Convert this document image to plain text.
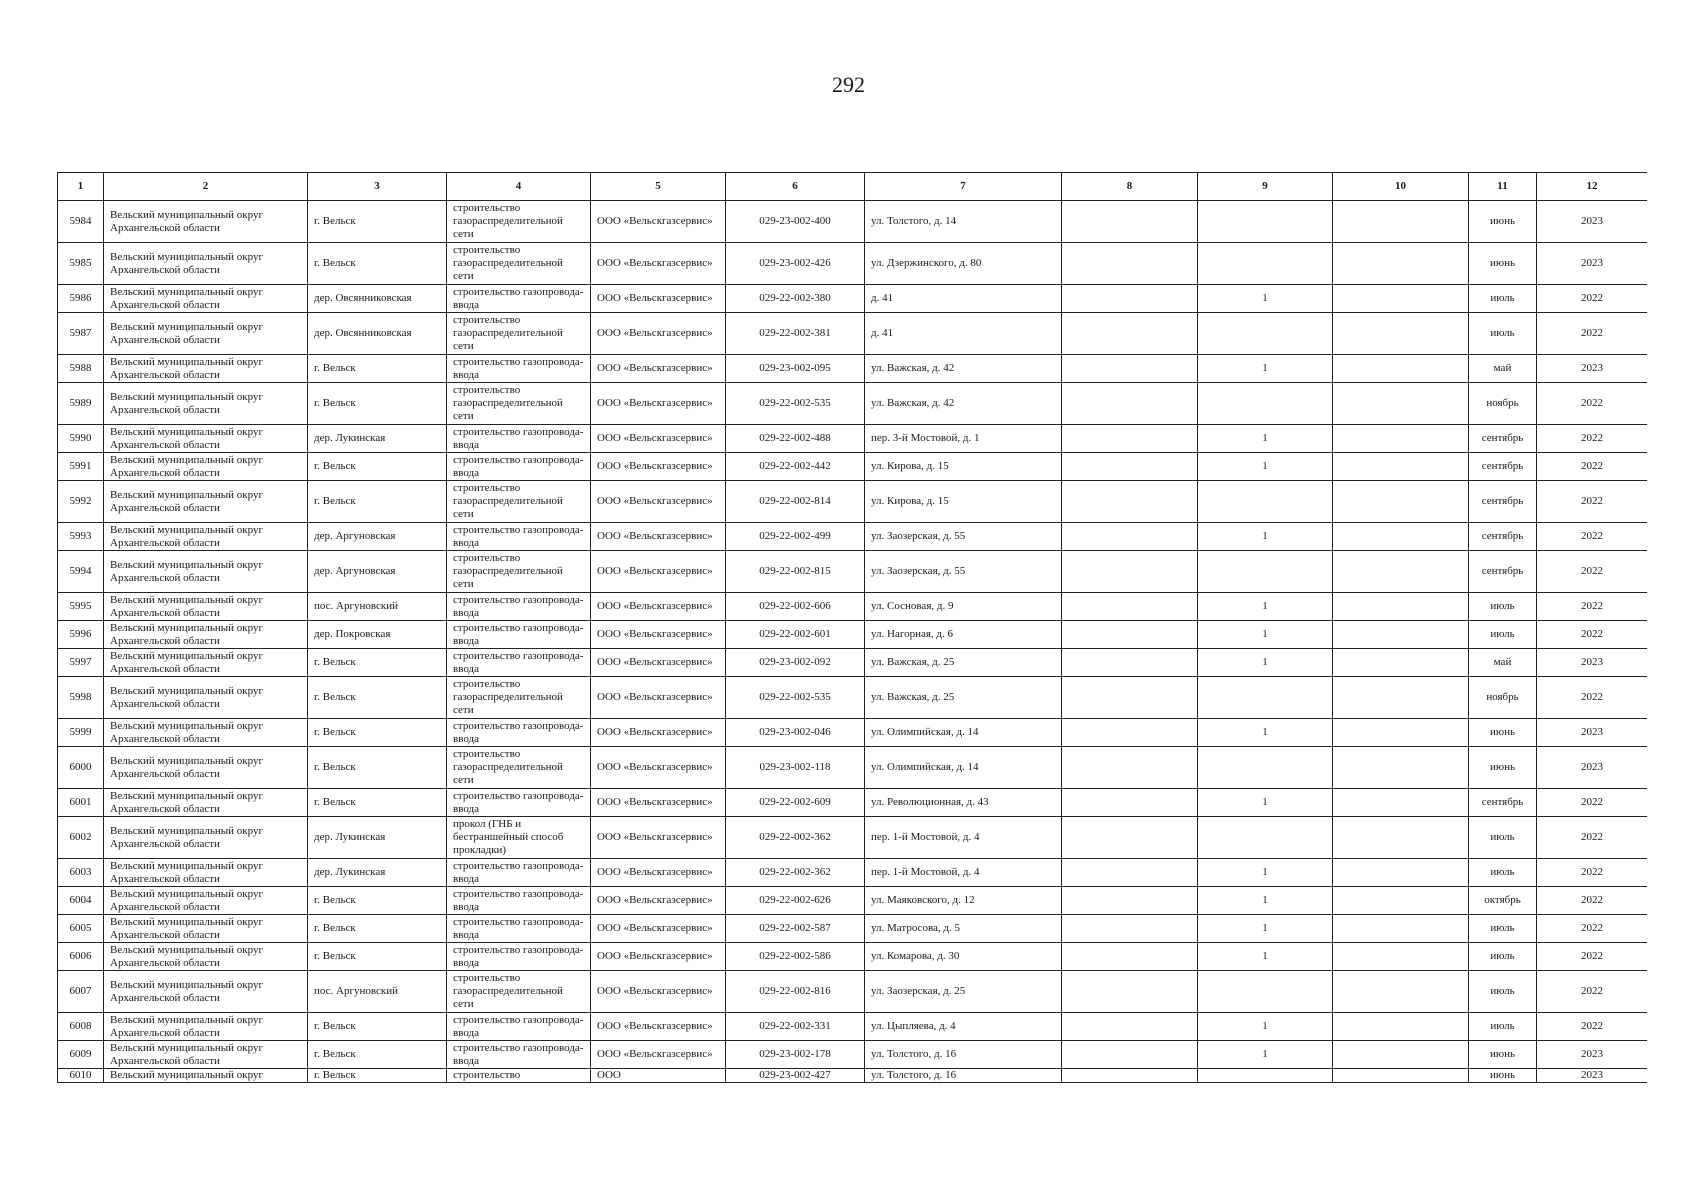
292
1	2	3	4	5	6	7	8	9	10	11	12
5984	Вельский муниципальный округ Архангельской области	г. Вельск	строительство газораспределительной сети	ООО «Вельскгазсервис»	029-23-002-400	ул. Толстого, д. 14				июнь	2023
5985	Вельский муниципальный округ Архангельской области	г. Вельск	строительство газораспределительной сети	ООО «Вельскгазсервис»	029-23-002-426	ул. Дзержинского, д. 80				июнь	2023
5986	Вельский муниципальный округ Архангельской области	дер. Овсянниковская	строительство газопровода-ввода	ООО «Вельскгазсервис»	029-22-002-380	д. 41		1		июль	2022
5987	Вельский муниципальный округ Архангельской области	дер. Овсянниковская	строительство газораспределительной сети	ООО «Вельскгазсервис»	029-22-002-381	д. 41				июль	2022
5988	Вельский муниципальный округ Архангельской области	г. Вельск	строительство газопровода-ввода	ООО «Вельскгазсервис»	029-23-002-095	ул. Важская, д. 42		1		май	2023
5989	Вельский муниципальный округ Архангельской области	г. Вельск	строительство газораспределительной сети	ООО «Вельскгазсервис»	029-22-002-535	ул. Важская, д. 42				ноябрь	2022
5990	Вельский муниципальный округ Архангельской области	дер. Лукинская	строительство газопровода-ввода	ООО «Вельскгазсервис»	029-22-002-488	пер. 3-й Мостовой, д. 1		1		сентябрь	2022
5991	Вельский муниципальный округ Архангельской области	г. Вельск	строительство газопровода-ввода	ООО «Вельскгазсервис»	029-22-002-442	ул. Кирова, д. 15		1		сентябрь	2022
5992	Вельский муниципальный округ Архангельской области	г. Вельск	строительство газораспределительной сети	ООО «Вельскгазсервис»	029-22-002-814	ул. Кирова, д. 15				сентябрь	2022
5993	Вельский муниципальный округ Архангельской области	дер. Аргуновская	строительство газопровода-ввода	ООО «Вельскгазсервис»	029-22-002-499	ул. Заозерская, д. 55		1		сентябрь	2022
5994	Вельский муниципальный округ Архангельской области	дер. Аргуновская	строительство газораспределительной сети	ООО «Вельскгазсервис»	029-22-002-815	ул. Заозерская, д. 55				сентябрь	2022
5995	Вельский муниципальный округ Архангельской области	пос. Аргуновский	строительство газопровода-ввода	ООО «Вельскгазсервис»	029-22-002-606	ул. Сосновая, д. 9		1		июль	2022
5996	Вельский муниципальный округ Архангельской области	дер. Покровская	строительство газопровода-ввода	ООО «Вельскгазсервис»	029-22-002-601	ул. Нагорная, д. 6		1		июль	2022
5997	Вельский муниципальный округ Архангельской области	г. Вельск	строительство газопровода-ввода	ООО «Вельскгазсервис»	029-23-002-092	ул. Важская, д. 25		1		май	2023
5998	Вельский муниципальный округ Архангельской области	г. Вельск	строительство газораспределительной сети	ООО «Вельскгазсервис»	029-22-002-535	ул. Важская, д. 25				ноябрь	2022
5999	Вельский муниципальный округ Архангельской области	г. Вельск	строительство газопровода-ввода	ООО «Вельскгазсервис»	029-23-002-046	ул. Олимпийская, д. 14		1		июнь	2023
6000	Вельский муниципальный округ Архангельской области	г. Вельск	строительство газораспределительной сети	ООО «Вельскгазсервис»	029-23-002-118	ул. Олимпийская, д. 14				июнь	2023
6001	Вельский муниципальный округ Архангельской области	г. Вельск	строительство газопровода-ввода	ООО «Вельскгазсервис»	029-22-002-609	ул. Революционная, д. 43		1		сентябрь	2022
6002	Вельский муниципальный округ Архангельской области	дер. Лукинская	прокол (ГНБ и бестраншейный способ прокладки)	ООО «Вельскгазсервис»	029-22-002-362	пер. 1-й Мостовой, д. 4				июль	2022
6003	Вельский муниципальный округ Архангельской области	дер. Лукинская	строительство газопровода-ввода	ООО «Вельскгазсервис»	029-22-002-362	пер. 1-й Мостовой, д. 4		1		июль	2022
6004	Вельский муниципальный округ Архангельской области	г. Вельск	строительство газопровода-ввода	ООО «Вельскгазсервис»	029-22-002-626	ул. Маяковского, д. 12		1		октябрь	2022
6005	Вельский муниципальный округ Архангельской области	г. Вельск	строительство газопровода-ввода	ООО «Вельскгазсервис»	029-22-002-587	ул. Матросова, д. 5		1		июль	2022
6006	Вельский муниципальный округ Архангельской области	г. Вельск	строительство газопровода-ввода	ООО «Вельскгазсервис»	029-22-002-586	ул. Комарова, д. 30		1		июль	2022
6007	Вельский муниципальный округ Архангельской области	пос. Аргуновский	строительство газораспределительной сети	ООО «Вельскгазсервис»	029-22-002-816	ул. Заозерская, д. 25				июль	2022
6008	Вельский муниципальный округ Архангельской области	г. Вельск	строительство газопровода-ввода	ООО «Вельскгазсервис»	029-22-002-331	ул. Цыпляева, д. 4		1		июль	2022
6009	Вельский муниципальный округ Архангельской области	г. Вельск	строительство газопровода-ввода	ООО «Вельскгазсервис»	029-23-002-178	ул. Толстого, д. 16		1		июнь	2023
6010	Вельский муниципальный округ	г. Вельск	строительство	ООО	029-23-002-427	ул. Толстого, д. 16				июнь	2023
